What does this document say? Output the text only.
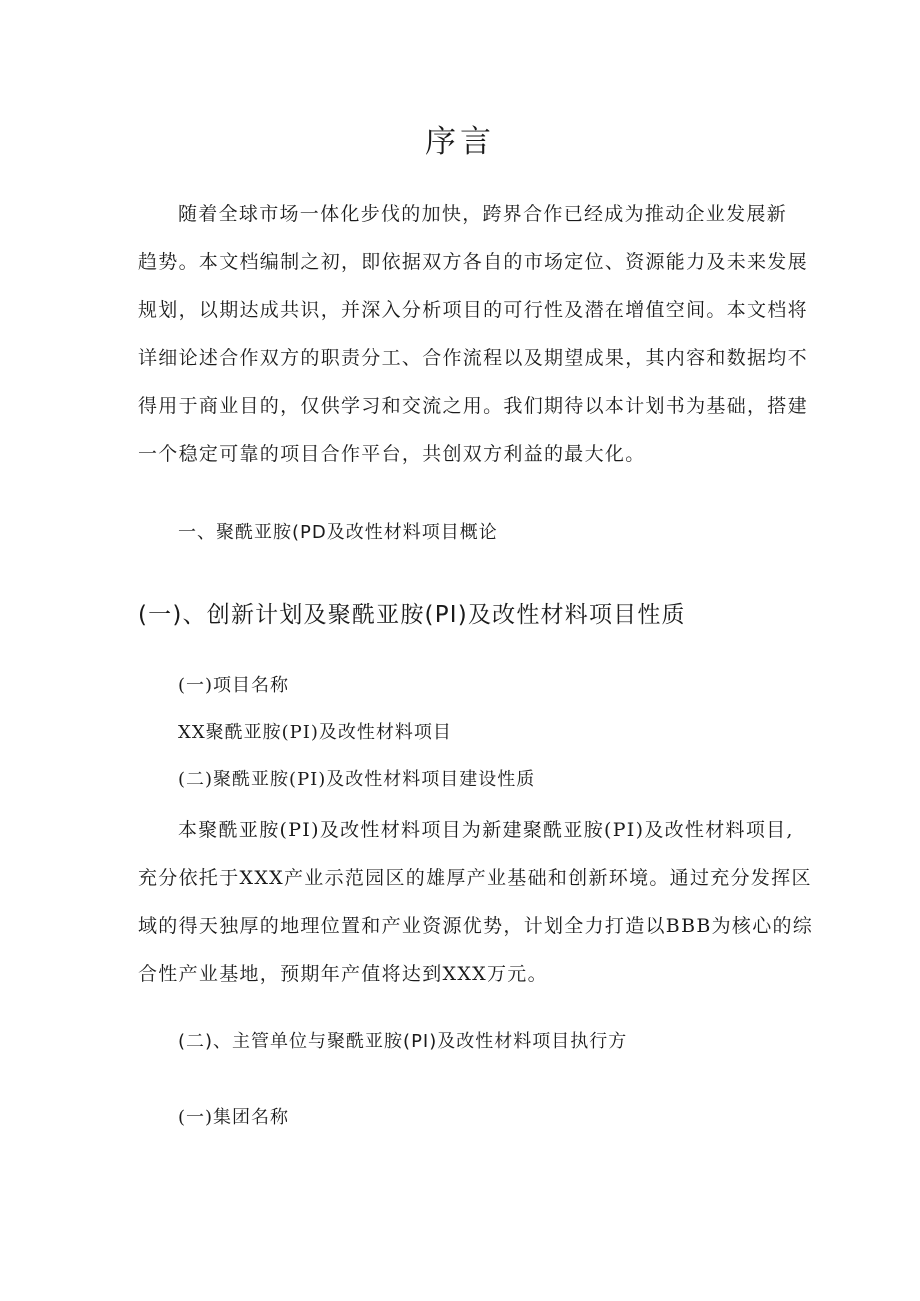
序言
随着全球市场一体化步伐的加快，跨界合作已经成为推动企业发展新
趋势。本文档编制之初，即依据双方各自的市场定位、资源能力及未来发展
规划，以期达成共识，并深入分析项目的可行性及潜在增值空间。本文档将
详细论述合作双方的职责分工、合作流程以及期望成果，其内容和数据均不
得用于商业目的，仅供学习和交流之用。我们期待以本计划书为基础，搭建
一个稳定可靠的项目合作平台，共创双方利益的最大化。
一、聚酰亚胺(PD及改性材料项目概论
(一)、创新计划及聚酰亚胺(PI)及改性材料项目性质
(一)项目名称
XX聚酰亚胺(PI)及改性材料项目
(二)聚酰亚胺(PI)及改性材料项目建设性质
本聚酰亚胺(PI)及改性材料项目为新建聚酰亚胺(PI)及改性材料项目,
充分依托于XXX产业示范园区的雄厚产业基础和创新环境。通过充分发挥区
域的得天独厚的地理位置和产业资源优势，计划全力打造以BBB为核心的综
合性产业基地，预期年产值将达到XXX万元。
(二)、主管单位与聚酰亚胺(PI)及改性材料项目执行方
(一)集团名称
